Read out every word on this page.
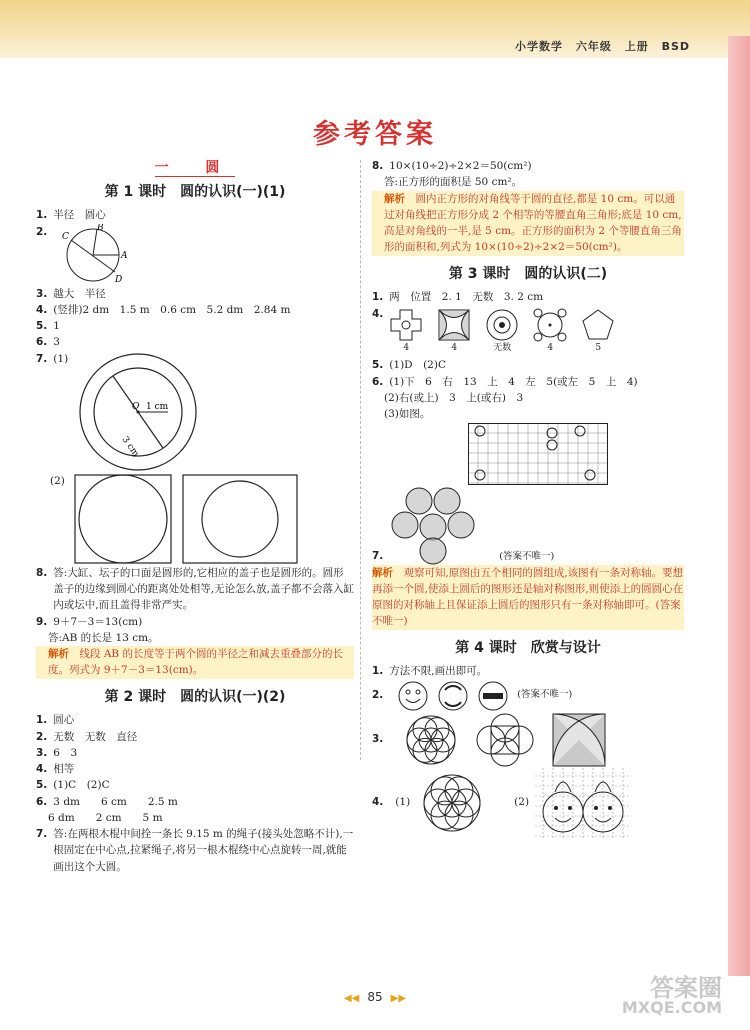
小学数学 六年级 上册 BSD
参考答案
一 圆
第 1 课时　圆的认识(一)(1)

1. 半径　圆心

2. C
B
A
D

3. 越大　半径

4. (竖排)2 dm　1.5 m　0.6 cm　5.2 dm　2.84 m

5. 1

6. 3

7. (1)
O 1 cm
3 cm
(2)

8. 答:大缸、坛子的口面是圆形的,它相应的盖子也是圆形的。圆形盖子的边缘到圆心的距离处处相等,无论怎么放,盖子都不会落入缸内或坛中,而且盖得非常严实。

9. 9＋7－3＝13(cm)

答:AB 的长是 13 cm。

解析　 线段 AB 的长度等于两个圆的半径之和减去重叠部分的长度。列式为 9＋7－3＝13(cm)。

第 2 课时　圆的认识(一)(2)

1. 圆心

2. 无数　无数　直径

3. 6　3

4. 相等

5. (1)C　(2)C

6. 3 dm　　6 cm　　2.5 m

6 dm　　2 cm　　5 m

7. 答:在两根木棍中间拴一条长 9.15 m 的绳子(接头处忽略不计),一根固定在中心点,拉紧绳子,将另一根木棍绕中心点旋转一周,就能画出这个大圆。

8. 10×(10÷2)÷2×2＝50(cm²)

答:正方形的面积是 50 cm²。

解析　 圆内正方形的对角线等于圆的直径,都是 10 cm。可以通过对角线把正方形分成 2 个相等的等腰直角三角形;底是 10 cm,高是对角线的一半,是 5 cm。正方形的面积为 2 个等腰直角三角形的面积和,列式为 10×(10÷2)÷2×2＝50(cm²)。

第 3 课时　圆的认识(二)

1. 两　位置　2. 1　无数　3. 2 cm

4.
4	4	无数	4	5

5. (1)D　(2)C

6. (1)下　6　右　13　上　4　左　5(或左　5　上　4)

(2)右(或上)　3　上(或右)　3

(3)如图。

7.	(答案不唯一)

解析　 观察可知,原图由五个相同的圆组成,该图有一条对称轴。要想再添一个圆,使添上圆后的图形还是轴对称图形,则使添上的圆圆心在原图的对称轴上且保证添上圆后的图形只有一条对称轴即可。(答案不唯一)

第 4 课时　欣赏与设计

1. 方法不限,画出即可。

2.	(答案不唯一)
3.
4. (1)	(2)
◀◀ 85 ▶▶	答案圈
MXQE.COM
